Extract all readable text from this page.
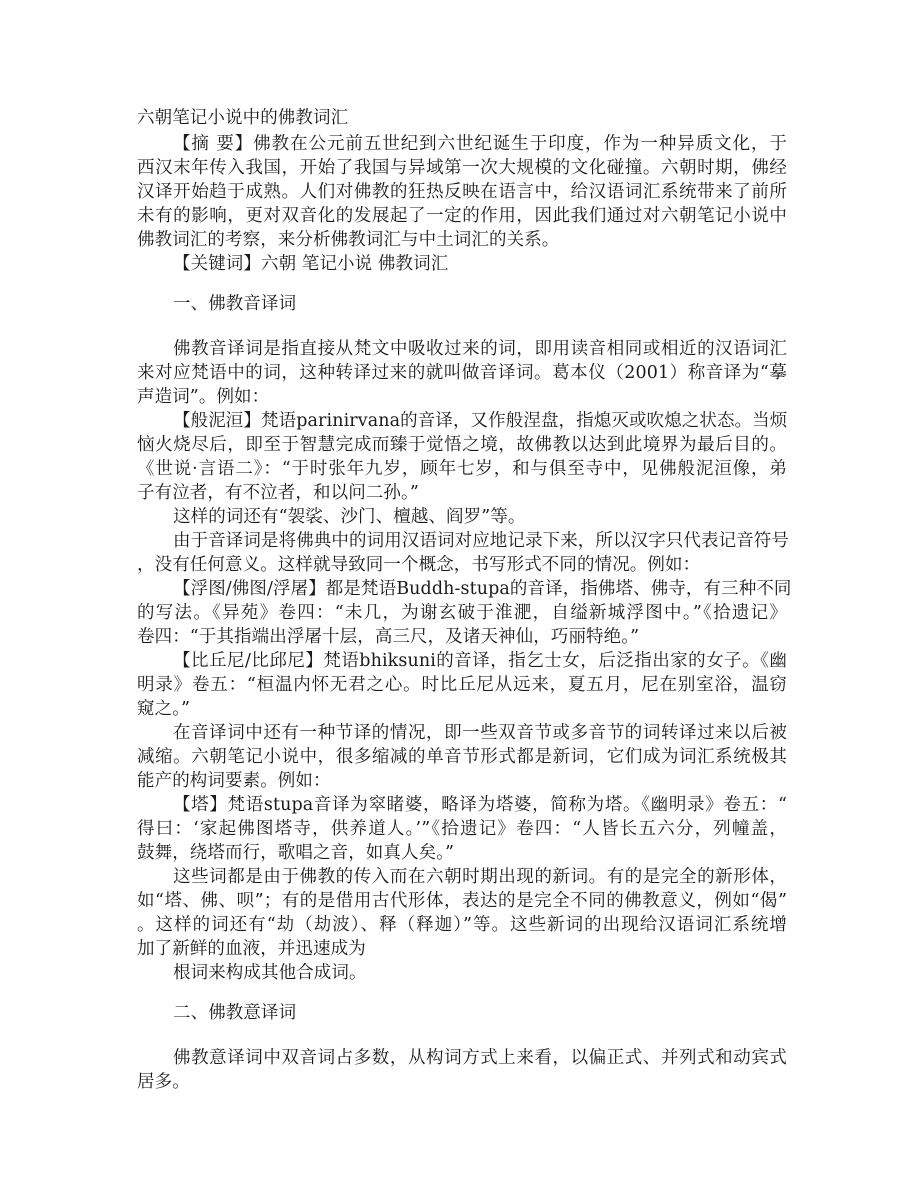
六朝笔记小说中的佛教词汇
【摘 要】佛教在公元前五世纪到六世纪诞生于印度，作为一种异质文化，于
西汉末年传入我国，开始了我国与异域第一次大规模的文化碰撞。六朝时期，佛经
汉译开始趋于成熟。人们对佛教的狂热反映在语言中，给汉语词汇系统带来了前所
未有的影响，更对双音化的发展起了一定的作用，因此我们通过对六朝笔记小说中
佛教词汇的考察，来分析佛教词汇与中土词汇的关系。
【关键词】六朝 笔记小说 佛教词汇
一、佛教音译词
佛教音译词是指直接从梵文中吸收过来的词，即用读音相同或相近的汉语词汇
来对应梵语中的词，这种转译过来的就叫做音译词。葛本仪（2001）称音译为“摹
声造词”。例如：
【般泥洹】梵语parinirvana的音译，又作般涅盘，指熄灭或吹熄之状态。当烦
恼火烧尽后，即至于智慧完成而臻于觉悟之境，故佛教以达到此境界为最后目的。
《世说·言语二》：“于时张年九岁，顾年七岁，和与俱至寺中，见佛般泥洹像，弟
子有泣者，有不泣者，和以问二孙。”
这样的词还有“袈裟、沙门、檀越、阎罗”等。
由于音译词是将佛典中的词用汉语词对应地记录下来，所以汉字只代表记音符号
，没有任何意义。这样就导致同一个概念，书写形式不同的情况。例如：
【浮图/佛图/浮屠】都是梵语Buddh-stupa的音译，指佛塔、佛寺，有三种不同
的写法。《异苑》卷四：“未几，为谢玄破于淮淝，自缢新城浮图中。”《拾遗记》
卷四：“于其指端出浮屠十层，高三尺，及诸天神仙，巧丽特绝。”
【比丘尼/比邱尼】梵语bhiksuni的音译，指乞士女，后泛指出家的女子。《幽
明录》卷五：“桓温内怀无君之心。时比丘尼从远来，夏五月，尼在别室浴，温窃
窥之。”
在音译词中还有一种节译的情况，即一些双音节或多音节的词转译过来以后被
减缩。六朝笔记小说中，很多缩减的单音节形式都是新词，它们成为词汇系统极其
能产的构词要素。例如：
【塔】梵语stupa音译为窣睹婆，略译为塔婆，简称为塔。《幽明录》卷五：“
得曰：‘家起佛图塔寺，供养道人。’”《拾遗记》卷四：“人皆长五六分，列幢盖，
鼓舞，绕塔而行，歌唱之音，如真人矣。”
这些词都是由于佛教的传入而在六朝时期出现的新词。有的是完全的新形体，
如“塔、佛、呗”；有的是借用古代形体，表达的是完全不同的佛教意义，例如“偈”
。这样的词还有“劫（劫波）、释（释迦）”等。这些新词的出现给汉语词汇系统增
加了新鲜的血液，并迅速成为
根词来构成其他合成词。
二、佛教意译词
佛教意译词中双音词占多数，从构词方式上来看，以偏正式、并列式和动宾式
居多。
